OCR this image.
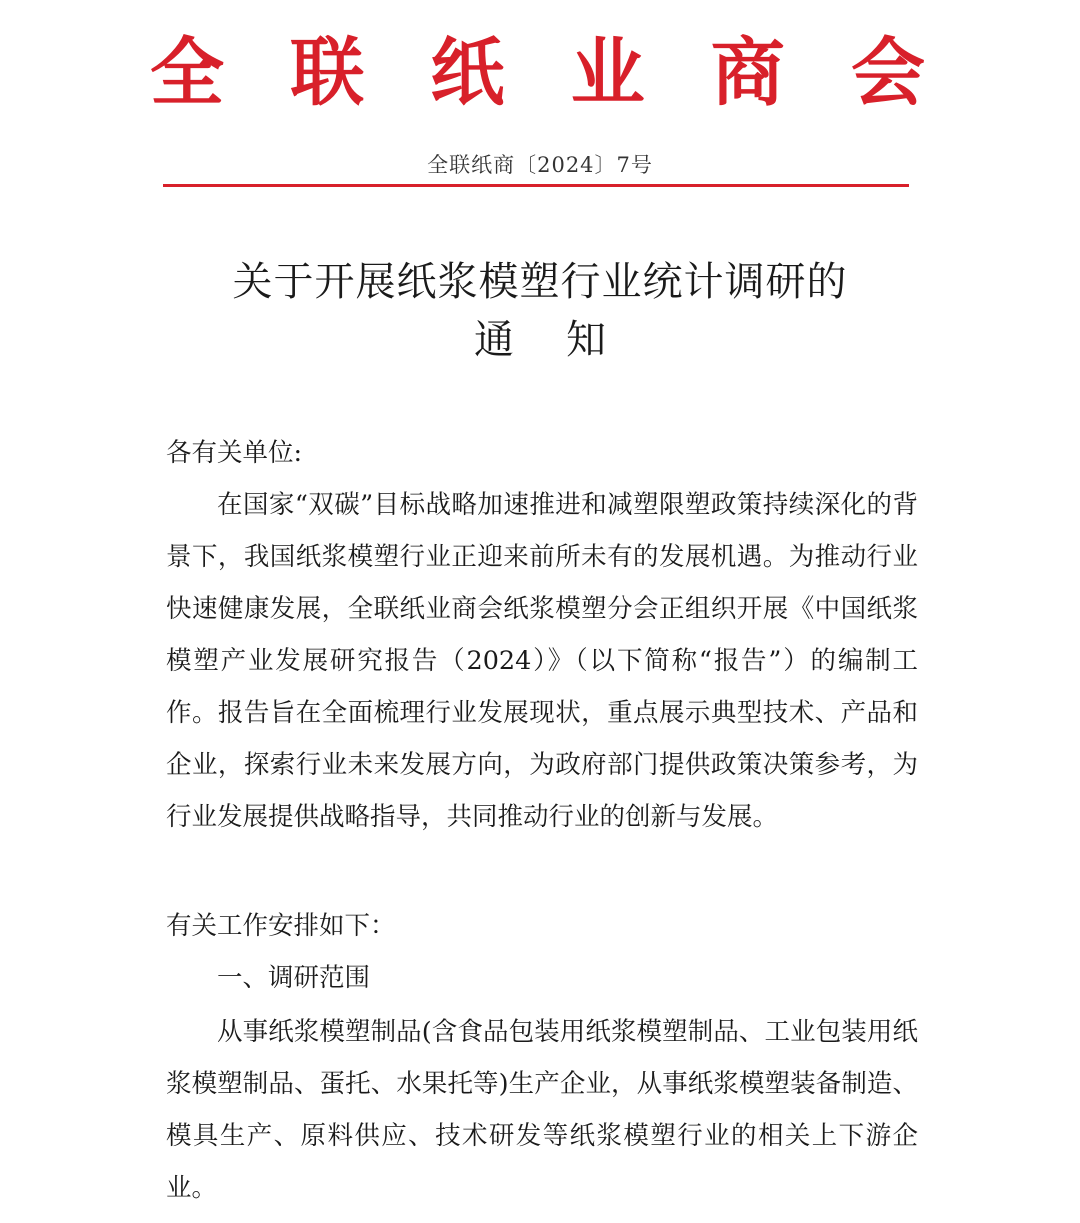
全 联 纸 业 商 会
全联纸商〔2024〕7号
关于开展纸浆模塑行业统计调研的
通 知
各有关单位:
在国家“双碳”目标战略加速推进和减塑限塑政策持续深化的背景下，我国纸浆模塑行业正迎来前所未有的发展机遇。为推动行业快速健康发展，全联纸业商会纸浆模塑分会正组织开展《中国纸浆模塑产业发展研究报告（2024）》（以下简称“报告”）的编制工作。报告旨在全面梳理行业发展现状，重点展示典型技术、产品和企业，探索行业未来发展方向，为政府部门提供政策决策参考，为行业发展提供战略指导，共同推动行业的创新与发展。
有关工作安排如下：
一、调研范围
从事纸浆模塑制品(含食品包装用纸浆模塑制品、工业包装用纸浆模塑制品、蛋托、水果托等)生产企业，从事纸浆模塑装备制造、模具生产、原料供应、技术研发等纸浆模塑行业的相关上下游企业。
